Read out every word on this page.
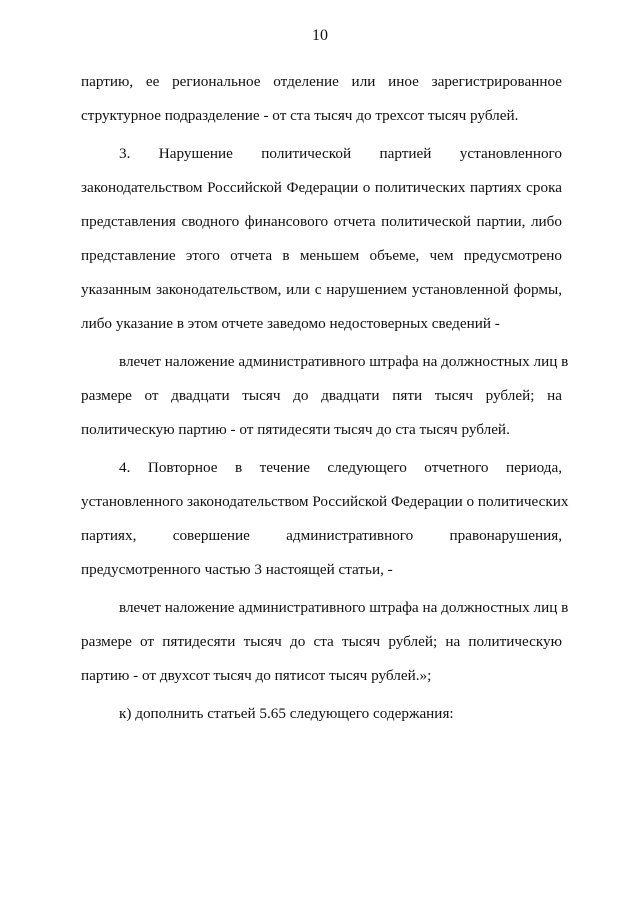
10
партию, ее региональное отделение или иное зарегистрированное
структурное подразделение - от ста тысяч до трехсот тысяч рублей.
3. Нарушение политической партией установленного
законодательством Российской Федерации о политических партиях срока
представления сводного финансового отчета политической партии, либо
представление этого отчета в меньшем объеме, чем предусмотрено
указанным законодательством, или с нарушением установленной формы,
либо указание в этом отчете заведомо недостоверных сведений -
влечет наложение административного штрафа на должностных лиц в
размере от двадцати тысяч до двадцати пяти тысяч рублей; на
политическую партию - от пятидесяти тысяч до ста тысяч рублей.
4. Повторное в течение следующего отчетного периода,
установленного законодательством Российской Федерации о политических
партиях, совершение административного правонарушения,
предусмотренного частью 3 настоящей статьи, -
влечет наложение административного штрафа на должностных лиц в
размере от пятидесяти тысяч до ста тысяч рублей; на политическую
партию - от двухсот тысяч до пятисот тысяч рублей.»;
к) дополнить статьей 5.65 следующего содержания:
